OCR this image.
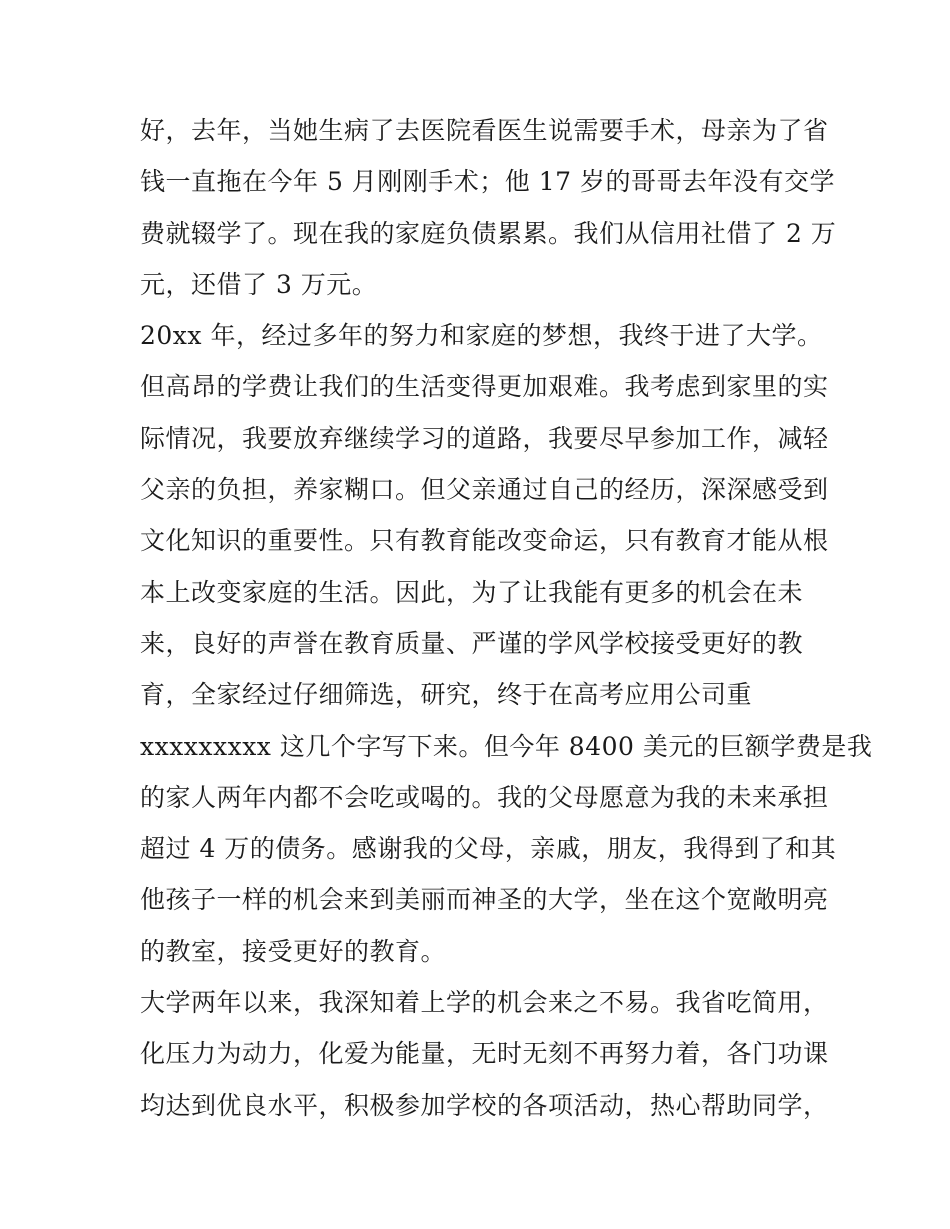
好，去年，当她生病了去医院看医生说需要手术，母亲为了省
钱一直拖在今年 5 月刚刚手术；他 17 岁的哥哥去年没有交学
费就辍学了。现在我的家庭负债累累。我们从信用社借了 2 万
元，还借了 3 万元。
20xx 年，经过多年的努力和家庭的梦想，我终于进了大学。
但高昂的学费让我们的生活变得更加艰难。我考虑到家里的实
际情况，我要放弃继续学习的道路，我要尽早参加工作，减轻
父亲的负担，养家糊口。但父亲通过自己的经历，深深感受到
文化知识的重要性。只有教育能改变命运，只有教育才能从根
本上改变家庭的生活。因此，为了让我能有更多的机会在未
来，良好的声誉在教育质量、严谨的学风学校接受更好的教
育，全家经过仔细筛选，研究，终于在高考应用公司重
xxxxxxxxx 这几个字写下来。但今年 8400 美元的巨额学费是我
的家人两年内都不会吃或喝的。我的父母愿意为我的未来承担
超过 4 万的债务。感谢我的父母，亲戚，朋友，我得到了和其
他孩子一样的机会来到美丽而神圣的大学，坐在这个宽敞明亮
的教室，接受更好的教育。
大学两年以来，我深知着上学的机会来之不易。我省吃简用，
化压力为动力，化爱为能量，无时无刻不再努力着，各门功课
均达到优良水平，积极参加学校的各项活动，热心帮助同学，
